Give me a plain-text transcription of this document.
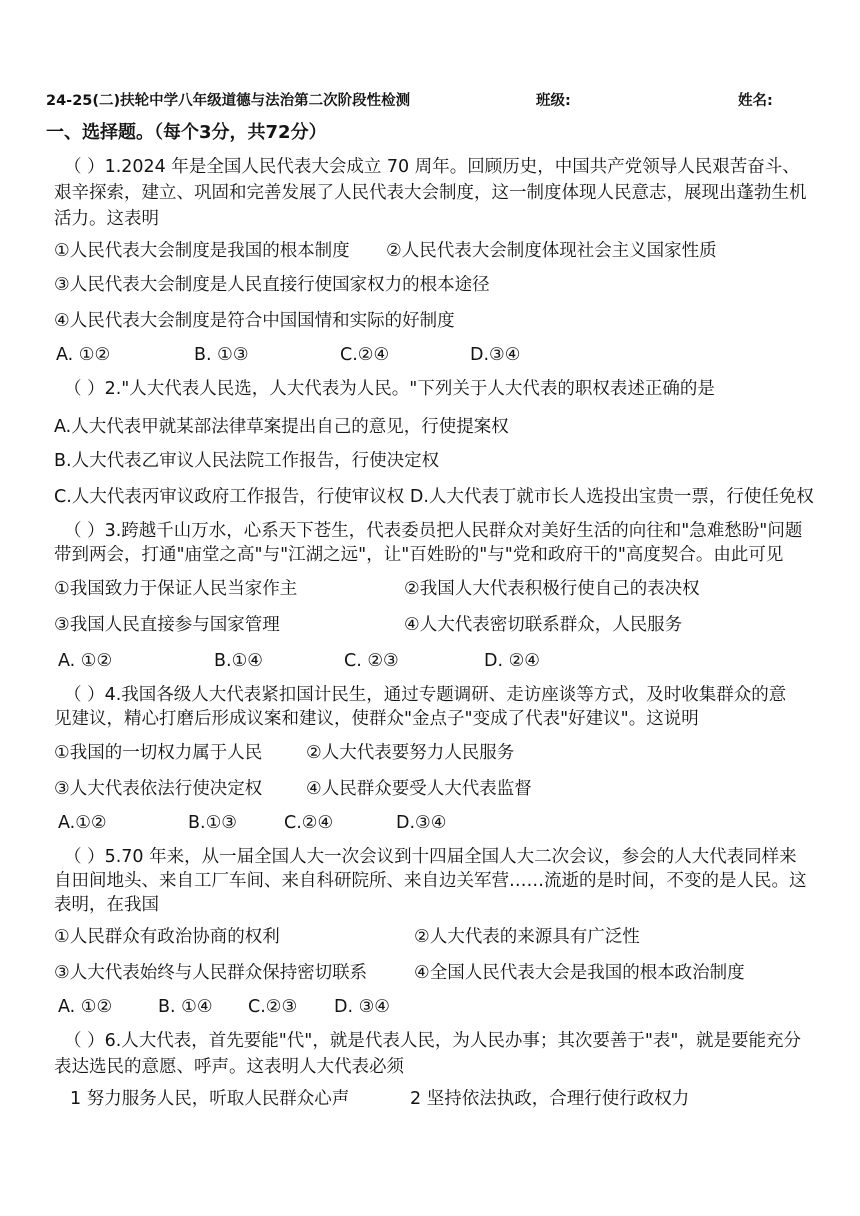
24-25(二)扶轮中学八年级道德与法治第二次阶段性检测	班级:	姓名:
一、选择题。（每个3分，共72分）
（ ）1.2024 年是全国人民代表大会成立 70 周年。回顾历史，中国共产党领导人民艰苦奋斗、
艰辛探索，建立、巩固和完善发展了人民代表大会制度，这一制度体现人民意志，展现出蓬勃生机
活力。这表明
①人民代表大会制度是我国的根本制度 ②人民代表大会制度体现社会主义国家性质
③人民代表大会制度是人民直接行使国家权力的根本途径
④人民代表大会制度是符合中国国情和实际的好制度
A. ①②	B. ①③	C.②④	D.③④
（ ）2."人大代表人民选，人大代表为人民。"下列关于人大代表的职权表述正确的是
A.人大代表甲就某部法律草案提出自己的意见，行使提案权
B.人大代表乙审议人民法院工作报告，行使决定权
C.人大代表丙审议政府工作报告，行使审议权 D.人大代表丁就市长人选投出宝贵一票，行使任免权
（ ）3.跨越千山万水，心系天下苍生，代表委员把人民群众对美好生活的向往和"急难愁盼"问题
带到两会，打通"庙堂之高"与"江湖之远"，让"百姓盼的"与"党和政府干的"高度契合。由此可见
①我国致力于保证人民当家作主	②我国人大代表积极行使自己的表决权
③我国人民直接参与国家管理	④人大代表密切联系群众，人民服务
A. ①②	B.①④	C. ②③	D. ②④
（ ）4.我国各级人大代表紧扣国计民生，通过专题调研、走访座谈等方式，及时收集群众的意
见建议，精心打磨后形成议案和建议，使群众"金点子"变成了代表"好建议"。这说明
①我国的一切权力属于人民	②人大代表要努力人民服务
③人大代表依法行使决定权	④人民群众要受人大代表监督
A.①②	B.①③	C.②④	D.③④
（ ）5.70 年来，从一届全国人大一次会议到十四届全国人大二次会议，参会的人大代表同样来
自田间地头、来自工厂车间、来自科研院所、来自边关军营……流逝的是时间，不变的是人民。这
表明，在我国
①人民群众有政治协商的权利	②人大代表的来源具有广泛性
③人大代表始终与人民群众保持密切联系	④全国人民代表大会是我国的根本政治制度
A. ①②	B. ①④ C.②③ D. ③④
（ ）6.人大代表，首先要能"代"，就是代表人民，为人民办事；其次要善于"表"，就是要能充分
表达选民的意愿、呼声。这表明人大代表必须
1 努力服务人民，听取人民群众心声	2 坚持依法执政，合理行使行政权力
